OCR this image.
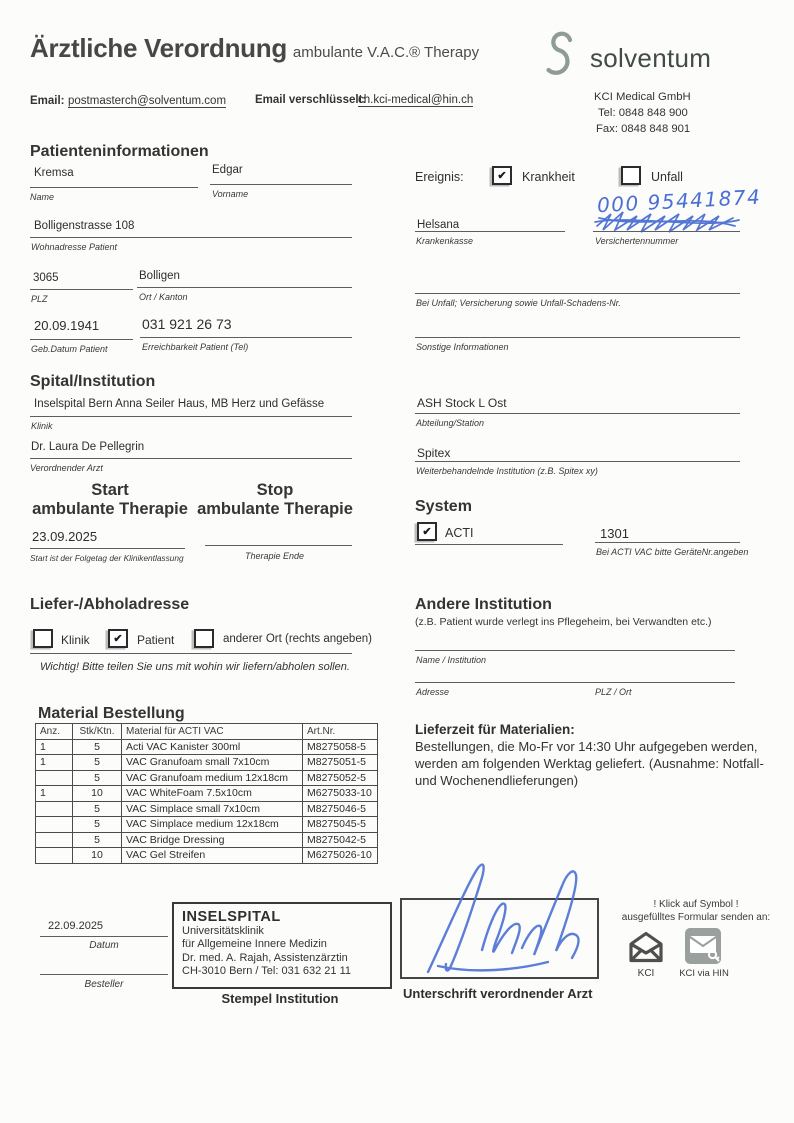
Ärztliche Verordnung ambulante V.A.C.® Therapy	solventum
KCI Medical GmbH
Tel: 0848 848 900
Fax: 0848 848 901
Email: postmasterch@solventum.com	Email verschlüsselt:
ch.kci-medical@hin.ch
Patienteninformationen
Kremsa
Name
Edgar
Vorname
Bolligenstrasse 108
Wohnadresse Patient
3065
PLZ
Bolligen
Ort / Kanton
20.09.1941
Geb.Datum Patient
031 921 26 73
Erreichbarkeit Patient (Tel)
Ereignis:	✔ Krankheit	Unfall
000 95441874
Helsana
Krankenkasse	Versichertennummer
Bei Unfall; Versicherung sowie Unfall-Schadens-Nr.
Sonstige Informationen
Spital/Institution
Inselspital Bern Anna Seiler Haus, MB Herz und Gefässe
Klinik
Dr. Laura De Pellegrin
Verordnender Arzt
Start
ambulante Therapie
Stop
ambulante Therapie
23.09.2025
Start ist der Folgetag der Klinikentlassung	Therapie Ende
ASH Stock L Ost
Abteilung/Station
Spitex
Weiterbehandelnde Institution (z.B. Spitex xy)
System
✔ ACTI	1301
Bei ACTI VAC bitte GeräteNr.angeben
Liefer-/Abholadresse
Klinik ✔ Patient	anderer Ort (rechts angeben)
Wichtig! Bitte teilen Sie uns mit wohin wir liefern/abholen sollen.
Andere Institution
(z.B. Patient wurde verlegt ins Pflegeheim, bei Verwandten etc.)
Name / Institution
Adresse	PLZ / Ort
Material Bestellung
Anz.	Stk/Ktn.	Material für ACTI VAC	Art.Nr.
1	5	Acti VAC Kanister 300ml	M8275058-5
1	5	VAC Granufoam small 7x10cm	M8275051-5
	5	VAC Granufoam medium 12x18cm	M8275052-5
1	10	VAC WhiteFoam 7.5x10cm	M6275033-10
	5	VAC Simplace small 7x10cm	M8275046-5
	5	VAC Simplace medium 12x18cm	M8275045-5
	5	VAC Bridge Dressing	M8275042-5
	10	VAC Gel Streifen	M6275026-10
Lieferzeit für Materialien:
Bestellungen, die Mo-Fr vor 14:30 Uhr aufgegeben werden, werden am folgenden Werktag geliefert. (Ausnahme: Notfall- und Wochenendlieferungen)
22.09.2025
Datum
Besteller
INSELSPITAL
Universitätsklinik
für Allgemeine Innere Medizin
Dr. med. A. Rajah, Assistenzärztin
CH-3010 Bern / Tel: 031 632 21 11
Stempel Institution	Unterschrift verordnender Arzt
! Klick auf Symbol !
ausgefülltes Formular senden an:
KCI	KCI via HIN
